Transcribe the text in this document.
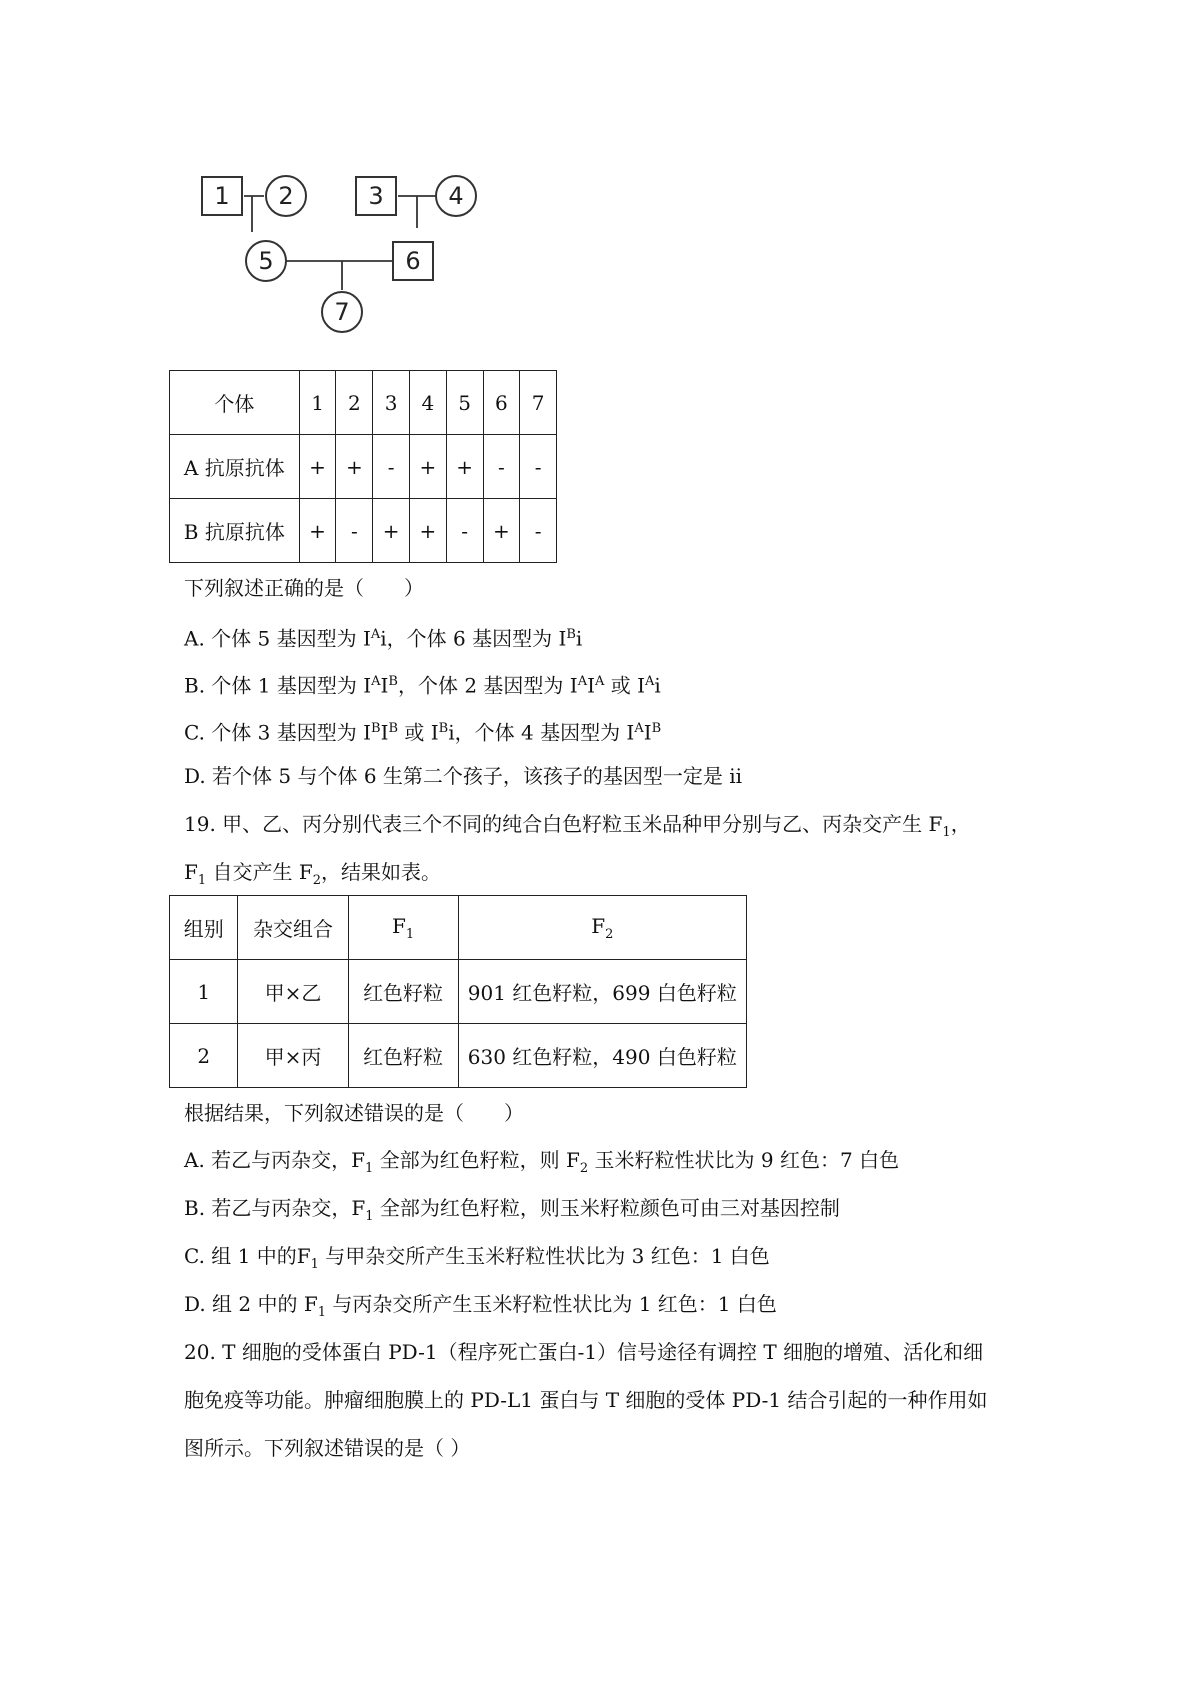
1 2	3	4
5	6
7
个体	1	2	3	4	5	6	7
A 抗原抗体	+	+	-	+	+	-	-
B 抗原抗体	+	-	+	+	-	+	-
下列叙述正确的是（　　）
A. 个体 5 基因型为 $I^Ai$，个体 6 基因型为 $I^Bi$
B. 个体 1 基因型为 $I^AI^B$，个体 2 基因型为 $I^AI^A$ 或 $I^Ai$
C. 个体 3 基因型为 $I^BI^B$ 或 $I^Bi$，个体 4 基因型为 $I^AI^B$
D. 若个体 5 与个体 6 生第二个孩子，该孩子的基因型一定是 ii
19. 甲、乙、丙分别代表三个不同的纯合白色籽粒玉米品种甲分别与乙、丙杂交产生 $F_1$，
$F_1$ 自交产生 $F_2$，结果如表。
组别	杂交组合	$F_1$	$F_2$
1	甲×乙	红色籽粒	901 红色籽粒，699 白色籽粒
2	甲×丙	红色籽粒	630 红色籽粒，490 白色籽粒
根据结果，下列叙述错误的是（　　）
A. 若乙与丙杂交，$F_1$ 全部为红色籽粒，则 $F_2$ 玉米籽粒性状比为 9 红色：7 白色
B. 若乙与丙杂交，$F_1$ 全部为红色籽粒，则玉米籽粒颜色可由三对基因控制
C. 组 1 中的$F_1$ 与甲杂交所产生玉米籽粒性状比为 3 红色：1 白色
D. 组 2 中的 $F_1$ 与丙杂交所产生玉米籽粒性状比为 1 红色：1 白色
20. T 细胞的受体蛋白 PD-1（程序死亡蛋白-1）信号途径有调控 T 细胞的增殖、活化和细
胞免疫等功能。肿瘤细胞膜上的 PD-L1 蛋白与 T 细胞的受体 PD-1 结合引起的一种作用如
图所示。下列叙述错误的是（ ）
